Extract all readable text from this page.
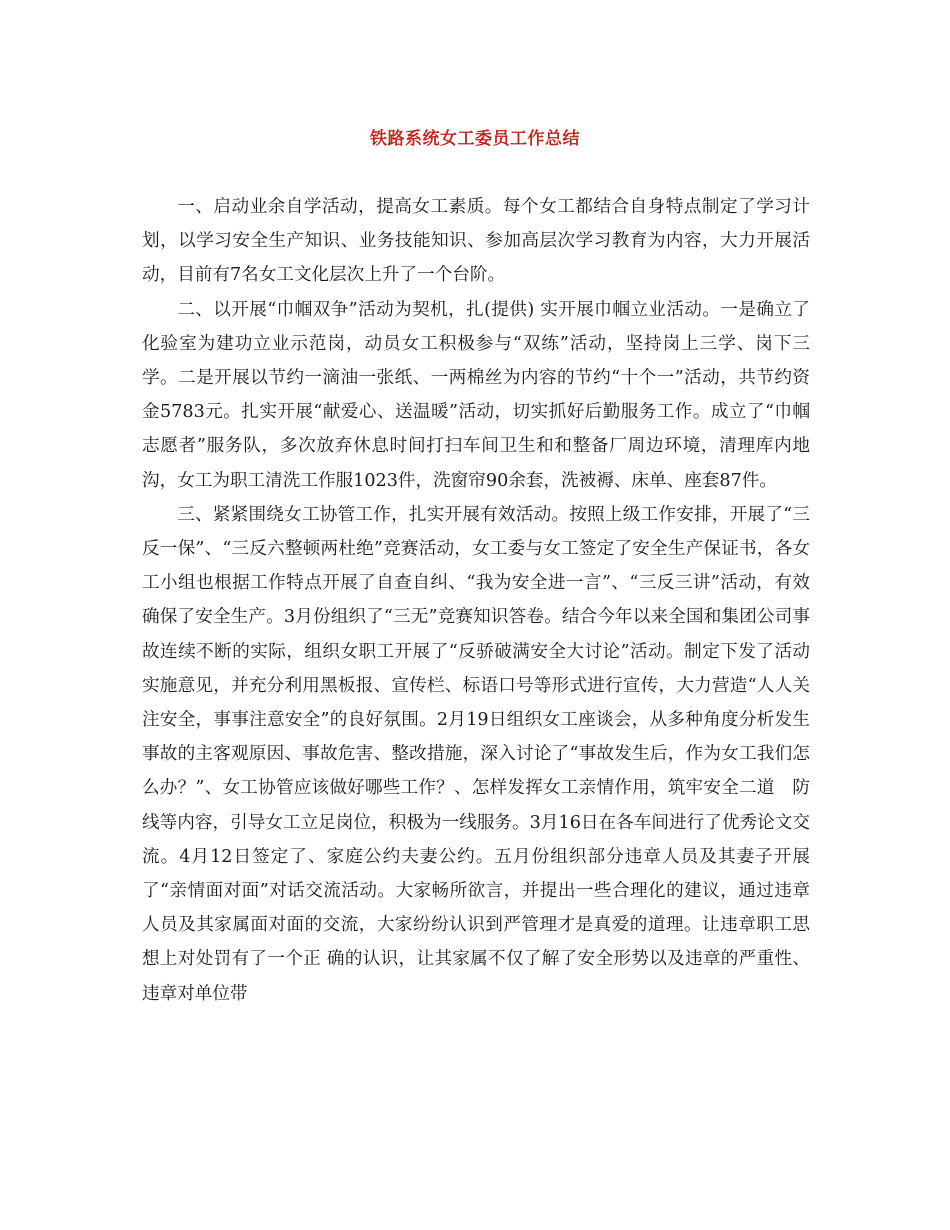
铁路系统女工委员工作总结

一、启动业余自学活动，提高女工素质。每个女工都结合自身特点制定了学习计划，以学习安全生产知识、业务技能知识、参加高层次学习教育为内容，大力开展活动，目前有7名女工文化层次上升了一个台阶。

二、以开展“巾帼双争”活动为契机，扎(提供) 实开展巾帼立业活动。一是确立了化验室为建功立业示范岗，动员女工积极参与“双练”活动，坚持岗上三学、岗下三学。二是开展以节约一滴油一张纸、一两棉丝为内容的节约“十个一”活动，共节约资金5783元。扎实开展“献爱心、送温暖”活动，切实抓好后勤服务工作。成立了“巾帼志愿者”服务队，多次放弃休息时间打扫车间卫生和和整备厂周边环境，清理库内地沟，女工为职工清洗工作服1023件，洗窗帘90余套，洗被褥、床单、座套87件。

三、紧紧围绕女工协管工作，扎实开展有效活动。按照上级工作安排，开展了“三反一保”、“三反六整顿两杜绝”竞赛活动，女工委与女工签定了安全生产保证书，各女工小组也根据工作特点开展了自查自纠、“我为安全进一言”、“三反三讲”活动，有效确保了安全生产。3月份组织了“三无”竞赛知识答卷。结合今年以来全国和集团公司事故连续不断的实际，组织女职工开展了“反骄破满安全大讨论”活动。制定下发了活动实施意见，并充分利用黑板报、宣传栏、标语口号等形式进行宣传，大力营造“人人关注安全，事事注意安全”的良好氛围。2月19日组织女工座谈会，从多种角度分析发生事故的主客观原因、事故危害、整改措施，深入讨论了“事故发生后，作为女工我们怎么办？”、女工协管应该做好哪些工作？、怎样发挥女工亲情作用，筑牢安全二道　防线等内容，引导女工立足岗位，积极为一线服务。3月16日在各车间进行了优秀论文交流。4月12日签定了、家庭公约夫妻公约。五月份组织部分违章人员及其妻子开展了“亲情面对面”对话交流活动。大家畅所欲言，并提出一些合理化的建议，通过违章人员及其家属面对面的交流，大家纷纷认识到严管理才是真爱的道理。让违章职工思想上对处罚有了一个正 确的认识，让其家属不仅了解了安全形势以及违章的严重性、违章对单位带
